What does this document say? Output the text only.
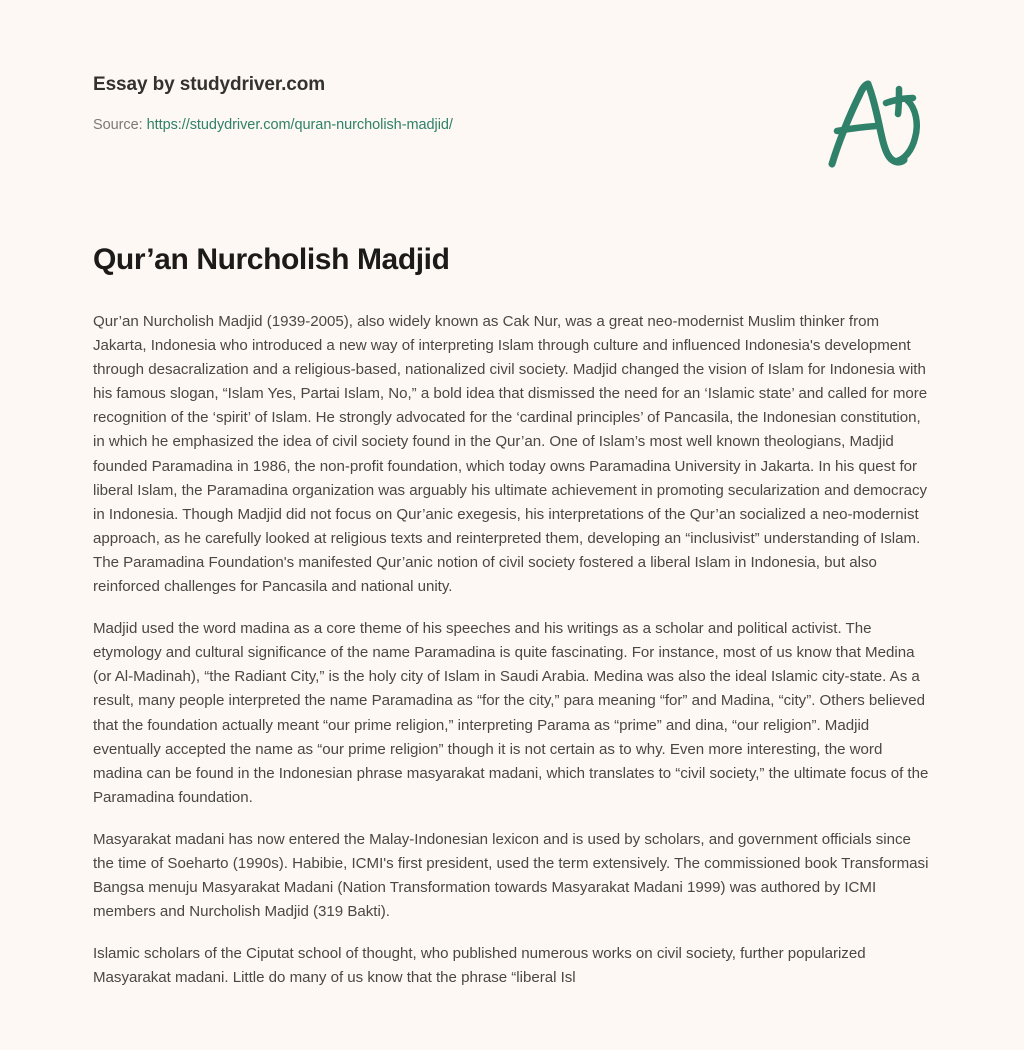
Essay by studydriver.com
Source: https://studydriver.com/quran-nurcholish-madjid/
Qur’an Nurcholish Madjid

Qur’an Nurcholish Madjid (1939-2005), also widely known as Cak Nur, was a great neo-modernist Muslim thinker from Jakarta, Indonesia who introduced a new way of interpreting Islam through culture and influenced Indonesia's development through desacralization and a religious-based, nationalized civil society. Madjid changed the vision of Islam for Indonesia with his famous slogan, “Islam Yes, Partai Islam, No,” a bold idea that dismissed the need for an ‘Islamic state’ and called for more recognition of the ‘spirit’ of Islam. He strongly advocated for the ‘cardinal principles’ of Pancasila, the Indonesian constitution, in which he emphasized the idea of civil society found in the Qur’an. One of Islam’s most well known theologians, Madjid founded Paramadina in 1986, the non-profit foundation, which today owns Paramadina University in Jakarta. In his quest for liberal Islam, the Paramadina organization was arguably his ultimate achievement in promoting secularization and democracy in Indonesia. Though Madjid did not focus on Qur’anic exegesis, his interpretations of the Qur’an socialized a neo-modernist approach, as he carefully looked at religious texts and reinterpreted them, developing an “inclusivist” understanding of Islam. The Paramadina Foundation's manifested Qur’anic notion of civil society fostered a liberal Islam in Indonesia, but also reinforced challenges for Pancasila and national unity.

Madjid used the word madina as a core theme of his speeches and his writings as a scholar and political activist. The etymology and cultural significance of the name Paramadina is quite fascinating. For instance, most of us know that Medina (or Al-Madinah), “the Radiant City,” is the holy city of Islam in Saudi Arabia. Medina was also the ideal Islamic city-state. As a result, many people interpreted the name Paramadina as “for the city,” para meaning “for” and Madina, “city”. Others believed that the foundation actually meant “our prime religion,” interpreting Parama as “prime” and dina, “our religion”. Madjid eventually accepted the name as “our prime religion” though it is not certain as to why. Even more interesting, the word madina can be found in the Indonesian phrase masyarakat madani, which translates to “civil society,” the ultimate focus of the Paramadina foundation.

Masyarakat madani has now entered the Malay-Indonesian lexicon and is used by scholars, and government officials since the time of Soeharto (1990s). Habibie, ICMI's first president, used the term extensively. The commissioned book Transformasi Bangsa menuju Masyarakat Madani (Nation Transformation towards Masyarakat Madani 1999) was authored by ICMI members and Nurcholish Madjid (319 Bakti).

Islamic scholars of the Ciputat school of thought, who published numerous works on civil society, further popularized Masyarakat madani. Little do many of us know that the phrase “liberal Isl
